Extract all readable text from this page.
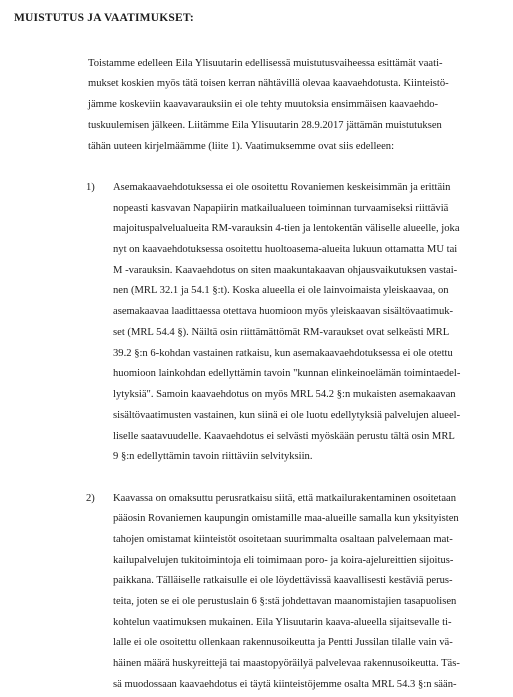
MUISTUTUS JA VAATIMUKSET:

Toistamme edelleen Eila Ylisuutarin edellisessä muistutusvaiheessa esittämät vaati-

mukset koskien myös tätä toisen kerran nähtävillä olevaa kaavaehdotusta. Kiinteistö-

jämme koskeviin kaavavarauksiin ei ole tehty muutoksia ensimmäisen kaavaehdo-

tuskuulemisen jälkeen. Liitämme Eila Ylisuutarin 28.9.2017 jättämän muistutuksen

tähän uuteen kirjelmäämme (liite 1). Vaatimuksemme ovat siis edelleen:

1) Asemakaavaehdotuksessa ei ole osoitettu Rovaniemen keskeisimmän ja erittäin

nopeasti kasvavan Napapiirin matkailualueen toiminnan turvaamiseksi riittäviä

majoituspalvelualueita RM-varauksin 4-tien ja lentokentän väliselle alueelle, joka

nyt on kaavaehdotuksessa osoitettu huoltoasema-alueita lukuun ottamatta MU tai

M -varauksin. Kaavaehdotus on siten maakuntakaavan ohjausvaikutuksen vastai-

nen (MRL 32.1 ja 54.1 §:t). Koska alueella ei ole lainvoimaista yleiskaavaa, on

asemakaavaa laadittaessa otettava huomioon myös yleiskaavan sisältövaatimuk-

set (MRL 54.4 §). Näiltä osin riittämättömät RM-varaukset ovat selkeästi MRL

39.2 §:n 6-kohdan vastainen ratkaisu, kun asemakaavaehdotuksessa ei ole otettu

huomioon lainkohdan edellyttämin tavoin "kunnan elinkeinoelämän toimintaedel-

lytyksiä". Samoin kaavaehdotus on myös MRL 54.2 §:n mukaisten asemakaavan

sisältövaatimusten vastainen, kun siinä ei ole luotu edellytyksiä palvelujen alueel-

liselle saatavuudelle. Kaavaehdotus ei selvästi myöskään perustu tältä osin MRL

9 §:n edellyttämin tavoin riittäviin selvityksiin.

2) Kaavassa on omaksuttu perusratkaisu siitä, että matkailurakentaminen osoitetaan

pääosin Rovaniemen kaupungin omistamille maa-alueille samalla kun yksityisten

tahojen omistamat kiinteistöt osoitetaan suurimmalta osaltaan palvelemaan mat-

kailupalvelujen tukitoimintoja eli toimimaan poro- ja koira-ajelureittien sijoitus-

paikkana. Tälläiselle ratkaisulle ei ole löydettävissä kaavallisesti kestäviä perus-

teita, joten se ei ole perustuslain 6 §:stä johdettavan maanomistajien tasapuolisen

kohtelun vaatimuksen mukainen. Eila Ylisuutarin kaava-alueella sijaitsevalle ti-

lalle ei ole osoitettu ollenkaan rakennusoikeutta ja Pentti Jussilan tilalle vain vä-

häinen määrä huskyreittejä tai maastopyöräilyä palvelevaa rakennusoikeutta. Täs-

sä muodossaan kaavaehdotus ei täytä kiinteistöjemme osalta MRL 54.3 §:n sään-
